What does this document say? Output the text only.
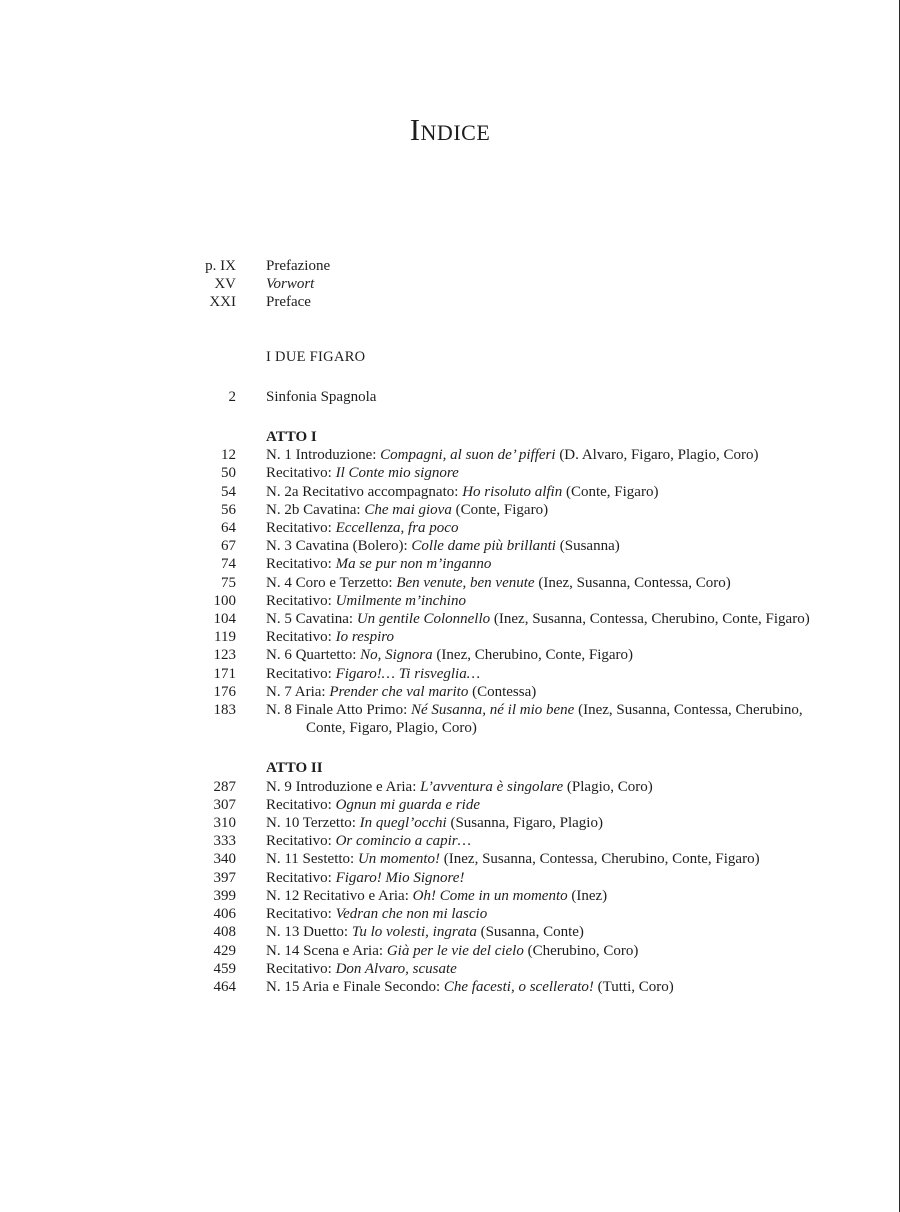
Indice
p. IX Prefazione
XV Vorwort
XXI Preface
I DUE FIGARO
2 Sinfonia Spagnola
ATTO I
12 N. 1 Introduzione: Compagni, al suon de’ pifferi (D. Alvaro, Figaro, Plagio, Coro)
50 Recitativo: Il Conte mio signore
54 N. 2a Recitativo accompagnato: Ho risoluto alfin (Conte, Figaro)
56 N. 2b Cavatina: Che mai giova (Conte, Figaro)
64 Recitativo: Eccellenza, fra poco
67 N. 3 Cavatina (Bolero): Colle dame più brillanti (Susanna)
74 Recitativo: Ma se pur non m’inganno
75 N. 4 Coro e Terzetto: Ben venute, ben venute (Inez, Susanna, Contessa, Coro)
100 Recitativo: Umilmente m’inchino
104 N. 5 Cavatina: Un gentile Colonnello (Inez, Susanna, Contessa, Cherubino, Conte, Figaro)
119 Recitativo: Io respiro
123 N. 6 Quartetto: No, Signora (Inez, Cherubino, Conte, Figaro)
171 Recitativo: Figaro!… Ti risveglia…
176 N. 7 Aria: Prender che val marito (Contessa)
183 N. 8 Finale Atto Primo: Né Susanna, né il mio bene (Inez, Susanna, Contessa, Cherubino, Conte, Figaro, Plagio, Coro)
ATTO II
287 N. 9 Introduzione e Aria: L’avventura è singolare (Plagio, Coro)
307 Recitativo: Ognun mi guarda e ride
310 N. 10 Terzetto: In quegl’occhi (Susanna, Figaro, Plagio)
333 Recitativo: Or comincio a capir…
340 N. 11 Sestetto: Un momento! (Inez, Susanna, Contessa, Cherubino, Conte, Figaro)
397 Recitativo: Figaro! Mio Signore!
399 N. 12 Recitativo e Aria: Oh! Come in un momento (Inez)
406 Recitativo: Vedran che non mi lascio
408 N. 13 Duetto: Tu lo volesti, ingrata (Susanna, Conte)
429 N. 14 Scena e Aria: Già per le vie del cielo (Cherubino, Coro)
459 Recitativo: Don Alvaro, scusate
464 N. 15 Aria e Finale Secondo: Che facesti, o scellerato! (Tutti, Coro)
